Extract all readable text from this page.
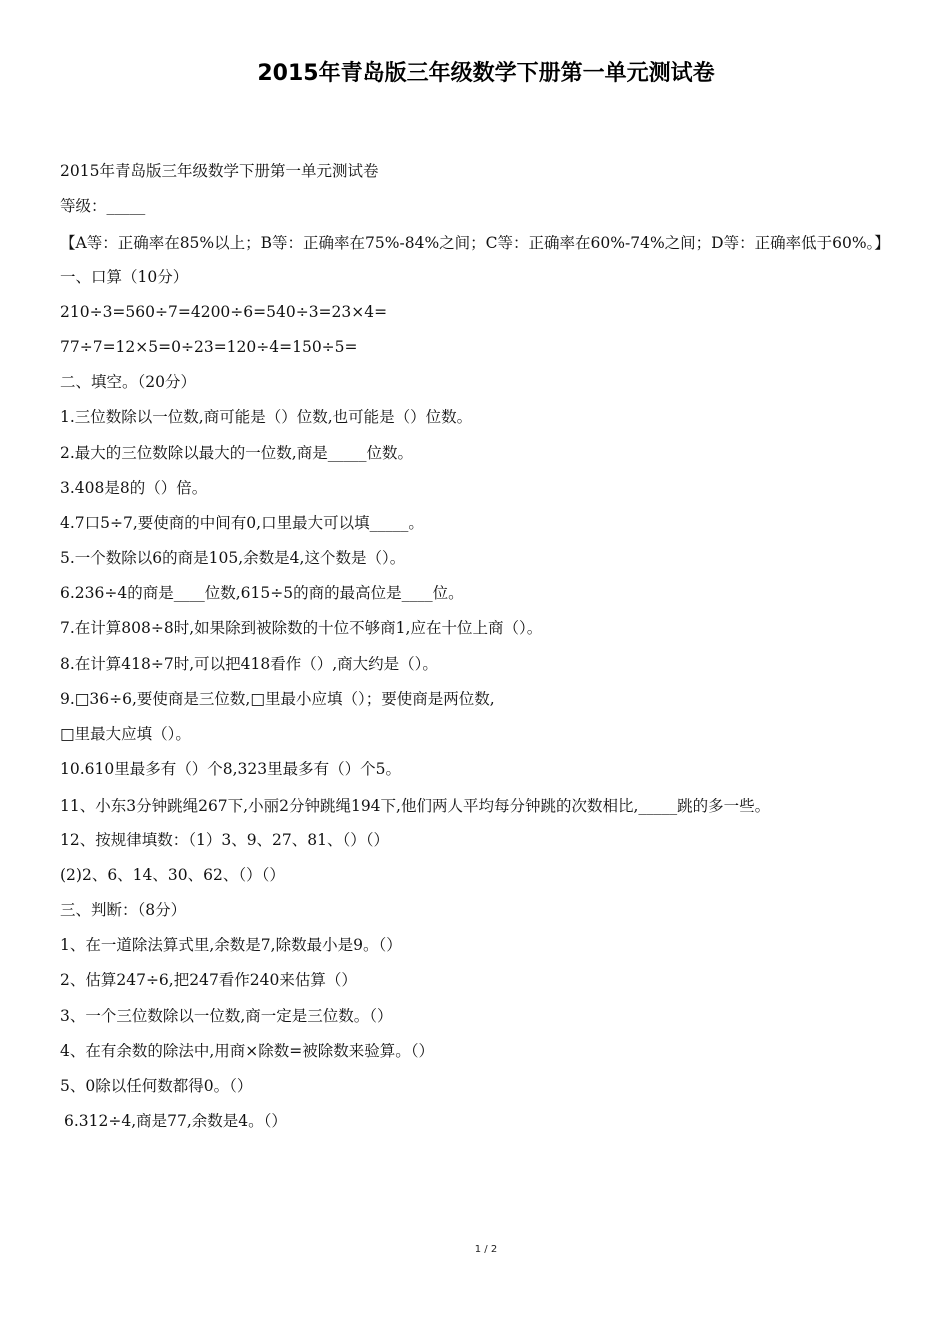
2015年青岛版三年级数学下册第一单元测试卷
2015年青岛版三年级数学下册第一单元测试卷
等级：_____
【A等：正确率在85%以上；B等：正确率在75%-84%之间；C等：正确率在60%-74%之间；D等：正确率低于60%。】
一、口算（10分）
210÷3=560÷7=4200÷6=540÷3=23×4=
77÷7=12×5=0÷23=120÷4=150÷5=
二、填空。（20分）
1.三位数除以一位数,商可能是（）位数,也可能是（）位数。
2.最大的三位数除以最大的一位数,商是_____位数。
3.408是8的（）倍。
4.7口5÷7,要使商的中间有0,口里最大可以填_____。
5.一个数除以6的商是105,余数是4,这个数是（）。
6.236÷4的商是____位数,615÷5的商的最高位是____位。
7.在计算808÷8时,如果除到被除数的十位不够商1,应在十位上商（）。
8.在计算418÷7时,可以把418看作（）,商大约是（）。
9.□36÷6,要使商是三位数,□里最小应填（）；要使商是两位数,
□里最大应填（）。
10.610里最多有（）个8,323里最多有（）个5。
11、小东3分钟跳绳267下,小丽2分钟跳绳194下,他们两人平均每分钟跳的次数相比,_____跳的多一些。
12、按规律填数：（1）3、9、27、81、（）（）
(2)2、6、14、30、62、（）（）
三、判断：（8分）
1、在一道除法算式里,余数是7,除数最小是9。（）
2、估算247÷6,把247看作240来估算（）
3、一个三位数除以一位数,商一定是三位数。（）
4、在有余数的除法中,用商×除数=被除数来验算。（）
5、0除以任何数都得0。（）
6.312÷4,商是77,余数是4。（）
1 / 2
